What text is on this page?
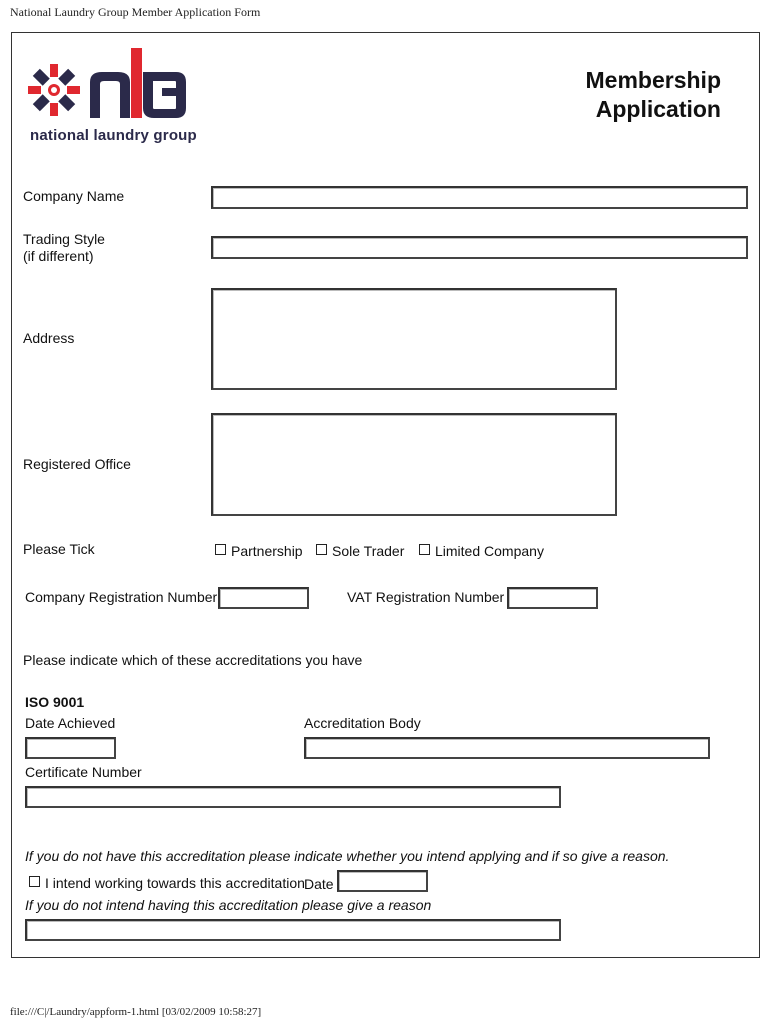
National Laundry Group Member Application Form
national laundry group
Membership
Application
Company Name
Trading Style
(if different)
Address
Registered Office
Please Tick	Partnership Sole Trader Limited Company
Company Registration Number	VAT Registration Number
Please indicate which of these accreditations you have
ISO 9001
Date Achieved	Accreditation Body
Certificate Number
If you do not have this accreditation please indicate whether you intend applying and if so give a reason.
I intend working towards this accreditation Date
If you do not intend having this accreditation please give a reason
file:///C|/Laundry/appform-1.html [03/02/2009 10:58:27]
